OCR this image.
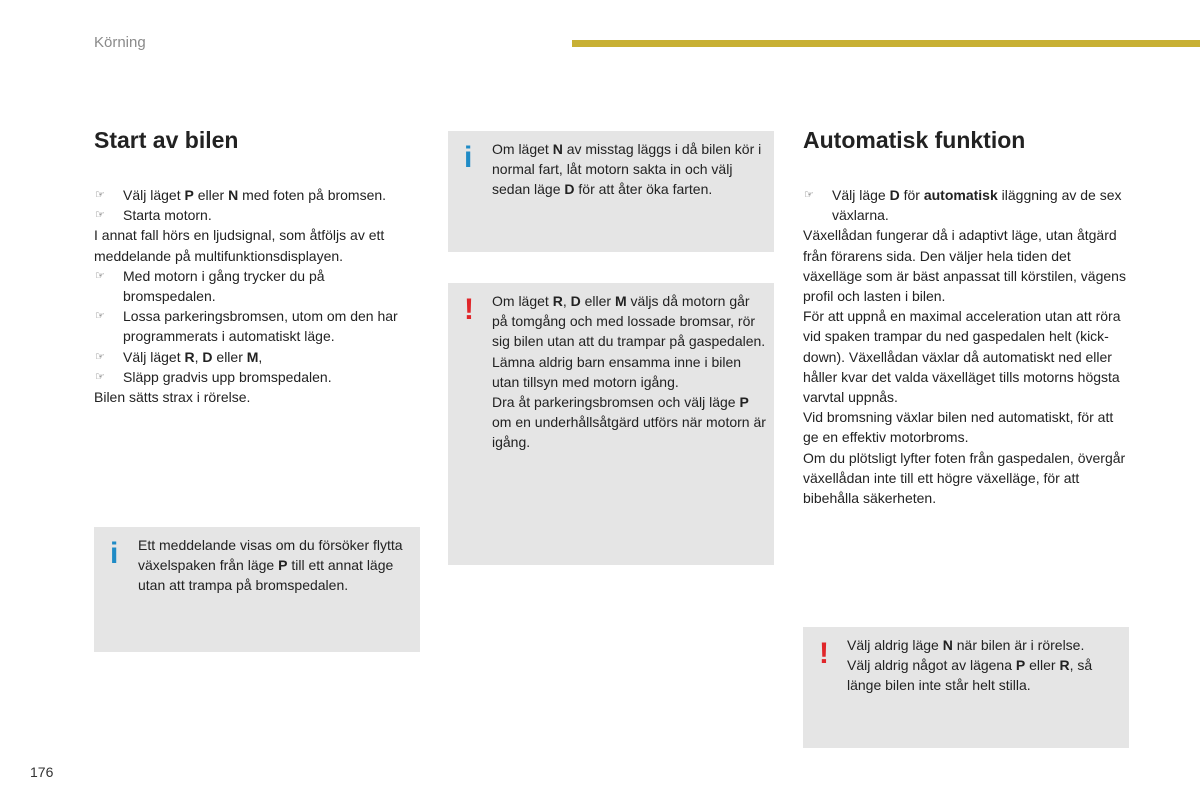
Körning
Start av bilen

☞ Välj läget P eller N med foten på bromsen.

☞ Starta motorn.

I annat fall hörs en ljudsignal, som åtföljs av ett meddelande på multifunktionsdisplayen.

☞ Med motorn i gång trycker du på bromspedalen.

☞ Lossa parkeringsbromsen, utom om den har programmerats i automatiskt läge.

☞ Välj läget R, D eller M,

☞ Släpp gradvis upp bromspedalen.

Bilen sätts strax i rörelse.

i Ett meddelande visas om du försöker flytta växelspaken från läge P till ett annat läge utan att trampa på bromspedalen.

i Om läget N av misstag läggs i då bilen kör i normal fart, låt motorn sakta in och välj sedan läge D för att åter öka farten.

! Om läget R, D eller M väljs då motorn går på tomgång och med lossade bromsar, rör sig bilen utan att du trampar på gaspedalen.

Lämna aldrig barn ensamma inne i bilen utan tillsyn med motorn igång.

Dra åt parkeringsbromsen och välj läge P om en underhållsåtgärd utförs när motorn är igång.

Automatisk funktion

☞ Välj läge D för automatisk iläggning av de sex växlarna.

Växellådan fungerar då i adaptivt läge, utan åtgärd från förarens sida. Den väljer hela tiden det växelläge som är bäst anpassat till körstilen, vägens profil och lasten i bilen.

För att uppnå en maximal acceleration utan att röra vid spaken trampar du ned gaspedalen helt (kick-down). Växellådan växlar då automatiskt ned eller håller kvar det valda växelläget tills motorns högsta varvtal uppnås.

Vid bromsning växlar bilen ned automatiskt, för att ge en effektiv motorbroms.

Om du plötsligt lyfter foten från gaspedalen, övergår växellådan inte till ett högre växelläge, för att bibehålla säkerheten.

! Välj aldrig läge N när bilen är i rörelse.

Välj aldrig något av lägena P eller R, så länge bilen inte står helt stilla.

176
